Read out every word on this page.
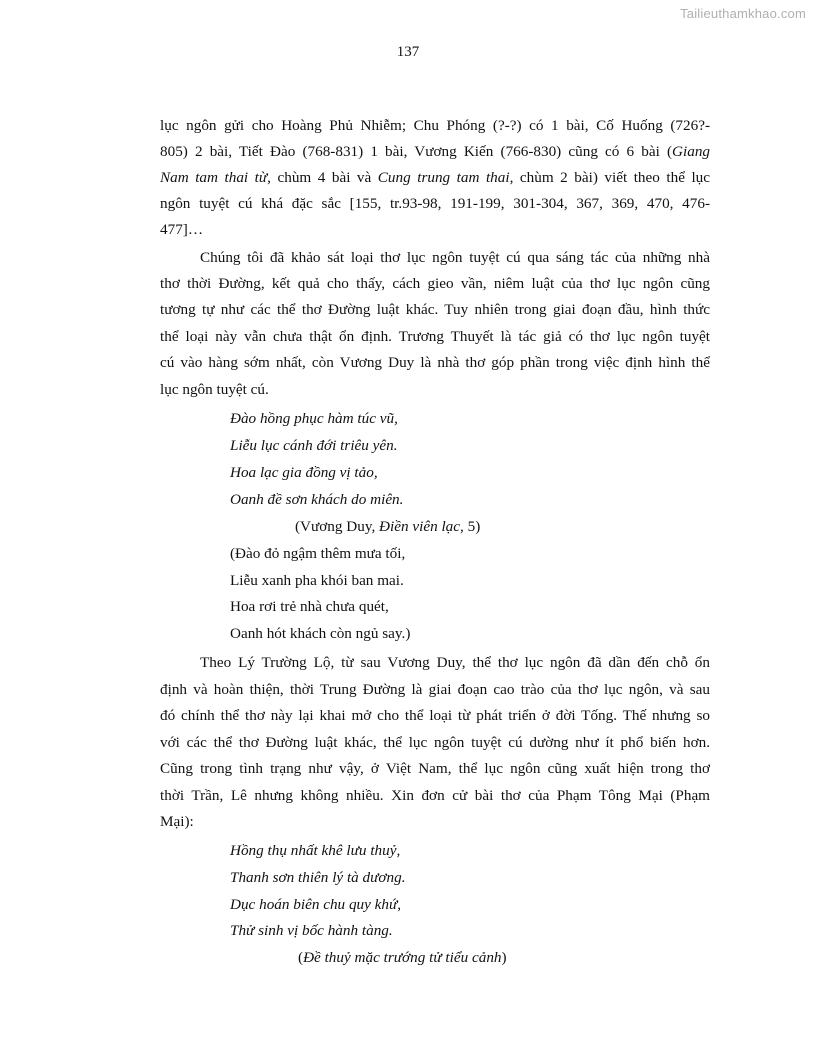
Tailieuthamkhao.com
137
lục ngôn gửi cho Hoàng Phủ Nhiễm; Chu Phóng (?-?) có 1 bài, Cố Huống (726?-
805) 2 bài, Tiết Đào (768-831) 1 bài, Vương Kiến (766-830) cũng có 6 bài (Giang
Nam tam thai từ, chùm 4 bài và Cung trung tam thai, chùm 2 bài) viết theo thể lục
ngôn tuyệt cú khá đặc sắc [155, tr.93-98, 191-199, 301-304, 367, 369, 470, 476-
477]…
Chúng tôi đã khảo sát loại thơ lục ngôn tuyệt cú qua sáng tác của những nhà
thơ thời Đường, kết quả cho thấy, cách gieo vần, niêm luật của thơ lục ngôn cũng
tương tự như các thể thơ Đường luật khác. Tuy nhiên trong giai đoạn đầu, hình thức
thể loại này vẫn chưa thật ổn định. Trương Thuyết là tác giả có thơ lục ngôn tuyệt
cú vào hàng sớm nhất, còn Vương Duy là nhà thơ góp phần trong việc định hình thể
lục ngôn tuyệt cú.
Đào hồng phục hàm túc vũ,
Liễu lục cánh đới triêu yên.
Hoa lạc gia đồng vị tảo,
Oanh đề sơn khách do miên.
(Vương Duy, Điền viên lạc, 5)
(Đào đỏ ngậm thêm mưa tối,
Liễu xanh pha khói ban mai.
Hoa rơi trẻ nhà chưa quét,
Oanh hót khách còn ngủ say.)
Theo Lý Trường Lộ, từ sau Vương Duy, thể thơ lục ngôn đã dần đến chỗ ổn
định và hoàn thiện, thời Trung Đường là giai đoạn cao trào của thơ lục ngôn, và sau
đó chính thể thơ này lại khai mở cho thể loại từ phát triển ở đời Tống. Thế nhưng so
với các thể thơ Đường luật khác, thể lục ngôn tuyệt cú dường như ít phổ biến hơn.
Cũng trong tình trạng như vậy, ở Việt Nam, thể lục ngôn cũng xuất hiện trong thơ
thời Trần, Lê nhưng không nhiều. Xin đơn cử bài thơ của Phạm Tông Mại (Phạm
Mại):
Hồng thụ nhất khê lưu thuỷ,
Thanh sơn thiên lý tà dương.
Dục hoán biên chu quy khứ,
Thử sinh vị bốc hành tàng.
(Đề thuỷ mặc trướng tử tiểu cảnh)
